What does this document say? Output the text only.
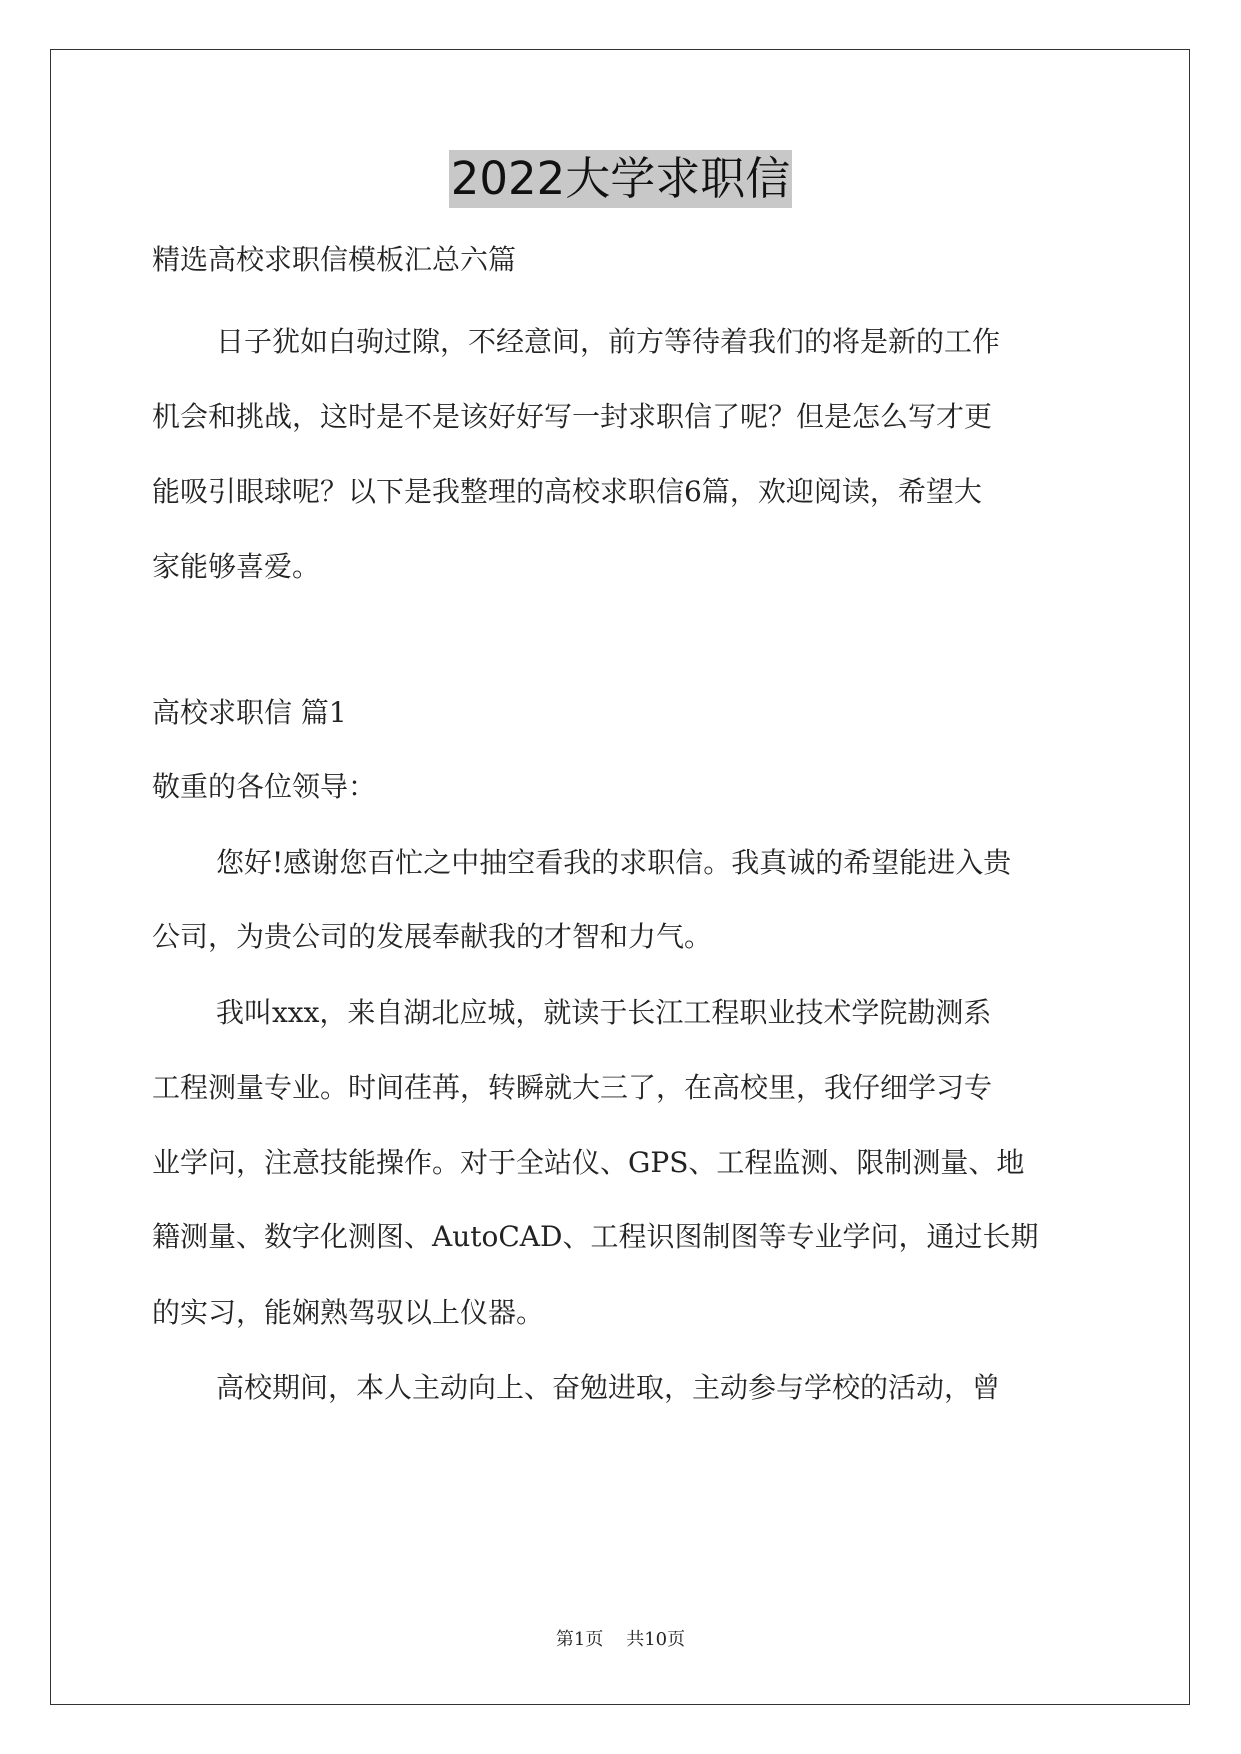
2022大学求职信
精选高校求职信模板汇总六篇
日子犹如白驹过隙，不经意间，前方等待着我们的将是新的工作
机会和挑战，这时是不是该好好写一封求职信了呢？但是怎么写才更
能吸引眼球呢？以下是我整理的高校求职信6篇，欢迎阅读，希望大
家能够喜爱。
高校求职信 篇1
敬重的各位领导：
您好!感谢您百忙之中抽空看我的求职信。我真诚的希望能进入贵
公司，为贵公司的发展奉献我的才智和力气。
我叫xxx，来自湖北应城，就读于长江工程职业技术学院勘测系
工程测量专业。时间荏苒，转瞬就大三了，在高校里，我仔细学习专
业学问，注意技能操作。对于全站仪、GPS、工程监测、限制测量、地
籍测量、数字化测图、AutoCAD、工程识图制图等专业学问，通过长期
的实习，能娴熟驾驭以上仪器。
高校期间，本人主动向上、奋勉进取，主动参与学校的活动，曾
第1页 共10页
